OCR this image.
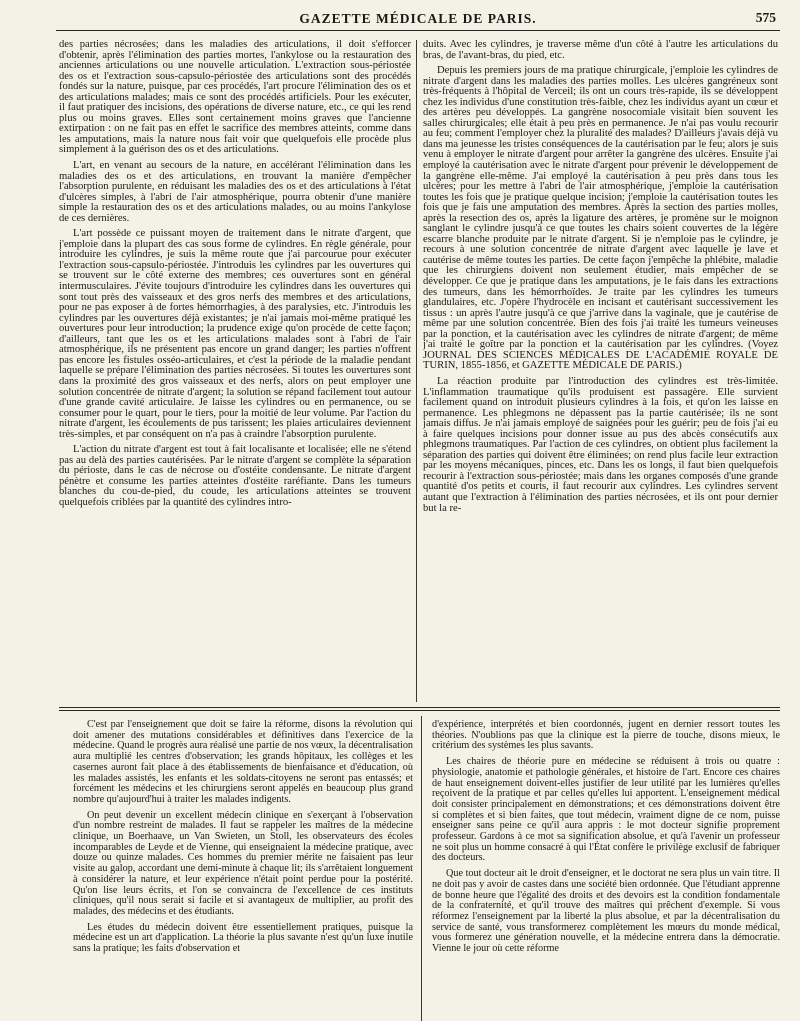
GAZETTE MÉDICALE DE PARIS.	575

des parties nécrosées; dans les maladies des articulations, il doit s'efforcer d'obtenir, après l'élimination des parties mortes, l'ankylose ou la restauration des anciennes articulations ou une nouvelle articulation. L'extraction sous-périostée des os et l'extraction sous-capsulo-périostée des articulations sont des procédés fondés sur la nature, puisque, par ces procédés, l'art procure l'élimination des os et des articulations malades; mais ce sont des procédés artificiels. Pour les exécuter, il faut pratiquer des incisions, des opérations de diverse nature, etc., ce qui les rend plus ou moins graves. Elles sont certainement moins graves que l'ancienne extirpation : on ne fait pas en effet le sacrifice des membres atteints, comme dans les amputations, mais la nature nous fait voir que quelquefois elle procède plus simplement à la guérison des os et des articulations.

L'art, en venant au secours de la nature, en accélérant l'élimination dans les maladies des os et des articulations, en trouvant la manière d'empêcher l'absorption purulente, en réduisant les maladies des os et des articulations à l'état d'ulcères simples, à l'abri de l'air atmosphérique, pourra obtenir d'une manière simple la restauration des os et des articulations malades, ou au moins l'ankylose de ces dernières.

L'art possède ce puissant moyen de traitement dans le nitrate d'argent, que j'emploie dans la plupart des cas sous forme de cylindres. En règle générale, pour introduire les cylindres, je suis la même route que j'ai parcourue pour exécuter l'extraction sous-capsulo-périostée. J'introduis les cylindres par les ouvertures qui se trouvent sur le côté externe des membres; ces ouvertures sont en général intermusculaires. J'évite toujours d'introduire les cylindres dans les ouvertures qui sont tout près des vaisseaux et des gros nerfs des membres et des articulations, pour ne pas exposer à de fortes hémorrhagies, à des paralysies, etc. J'introduis les cylindres par les ouvertures déjà existantes; je n'ai jamais moi-même pratiqué les ouvertures pour leur introduction; la prudence exige qu'on procède de cette façon; d'ailleurs, tant que les os et les articulations malades sont à l'abri de l'air atmosphérique, ils ne présentent pas encore un grand danger; les parties n'offrent pas encore les fistules osséo-articulaires, et c'est la période de la maladie pendant laquelle se prépare l'élimination des parties nécrosées. Si toutes les ouvertures sont dans la proximité des gros vaisseaux et des nerfs, alors on peut employer une solution concentrée de nitrate d'argent; la solution se répand facilement tout autour d'une grande cavité articulaire. Je laisse les cylindres ou en permanence, ou se consumer pour le quart, pour le tiers, pour la moitié de leur volume. Par l'action du nitrate d'argent, les écoulements de pus tarissent; les plaies articulaires deviennent très-simples, et par conséquent on n'a pas à craindre l'absorption purulente.

L'action du nitrate d'argent est tout à fait localisante et localisée; elle ne s'étend pas au delà des parties cautérisées. Par le nitrate d'argent se complète la séparation du périoste, dans le cas de nécrose ou d'ostéite condensante. Le nitrate d'argent pénètre et consume les parties atteintes d'ostéite raréfiante. Dans les tumeurs blanches du cou-de-pied, du coude, les articulations atteintes se trouvent quelquefois criblées par la quantité des cylindres intro-

duits. Avec les cylindres, je traverse même d'un côté à l'autre les articulations du bras, de l'avant-bras, du pied, etc.

Depuis les premiers jours de ma pratique chirurgicale, j'emploie les cylindres de nitrate d'argent dans les maladies des parties molles. Les ulcères gangréneux sont très-fréquents à l'hôpital de Verceil; ils ont un cours très-rapide, ils se développent chez les individus d'une constitution très-faible, chez les individus ayant un cœur et des artères peu développés. La gangrène nosocomiale visitait bien souvent les salles chirurgicales; elle était à peu près en permanence. Je n'ai pas voulu recourir au feu; comment l'employer chez la pluralité des malades? D'ailleurs j'avais déjà vu dans ma jeunesse les tristes conséquences de la cautérisation par le feu; alors je suis venu à employer le nitrate d'argent pour arrêter la gangrène des ulcères. Ensuite j'ai employé la cautérisation avec le nitrate d'argent pour prévenir le développement de la gangrène elle-même. J'ai employé la cautérisation à peu près dans tous les ulcères; pour les mettre à l'abri de l'air atmosphérique, j'emploie la cautérisation toutes les fois que je pratique quelque incision; j'emploie la cautérisation toutes les fois que je fais une amputation des membres. Après la section des parties molles, après la resection des os, après la ligature des artères, je promène sur le moignon sanglant le cylindre jusqu'à ce que toutes les chairs soient couvertes de la légère escarre blanche produite par le nitrate d'argent. Si je n'emploie pas le cylindre, je recours à une solution concentrée de nitrate d'argent avec laquelle je lave et cautérise de même toutes les parties. De cette façon j'empêche la phlébite, maladie que les chirurgiens doivent non seulement étudier, mais empêcher de se développer. Ce que je pratique dans les amputations, je le fais dans les extractions des tumeurs, dans les hémorrhoïdes. Je traite par les cylindres les tumeurs glandulaires, etc. J'opère l'hydrocèle en incisant et cautérisant successivement les tissus : un après l'autre jusqu'à ce que j'arrive dans la vaginale, que je cautérise de même par une solution concentrée. Bien des fois j'ai traité les tumeurs veineuses par la ponction, et la cautérisation avec les cylindres de nitrate d'argent; de même j'ai traité le goître par la ponction et la cautérisation par les cylindres. (Voyez JOURNAL DES SCIENCES MÉDICALES DE L'ACADÉMIE ROYALE DE TURIN, 1855-1856, et GAZETTE MÉDICALE DE PARIS.)

La réaction produite par l'introduction des cylindres est très-limitée. L'inflammation traumatique qu'ils produisent est passagère. Elle survient facilement quand on introduit plusieurs cylindres à la fois, et qu'on les laisse en permanence. Les phlegmons ne dépassent pas la partie cautérisée; ils ne sont jamais diffus. Je n'ai jamais employé de saignées pour les guérir; peu de fois j'ai eu à faire quelques incisions pour donner issue au pus des abcès consécutifs aux phlegmons traumatiques. Par l'action de ces cylindres, on obtient plus facilement la séparation des parties qui doivent être éliminées; on rend plus facile leur extraction par les moyens mécaniques, pinces, etc. Dans les os longs, il faut bien quelquefois recourir à l'extraction sous-périostée; mais dans les organes composés d'une grande quantité d'os petits et courts, il faut recourir aux cylindres. Les cylindres servent autant que l'extraction à l'élimination des parties nécrosées, et ils ont pour dernier but la re-

C'est par l'enseignement que doit se faire la réforme, disons la révolution qui doit amener des mutations considérables et définitives dans l'exercice de la médecine. Quand le progrès aura réalisé une partie de nos vœux, la décentralisation aura multiplié les centres d'observation; les grands hôpitaux, les collèges et les casernes auront fait place à des établissements de bienfaisance et d'éducation, où les malades assistés, les enfants et les soldats-citoyens ne seront pas entassés; et forcément les médecins et les chirurgiens seront appelés en beaucoup plus grand nombre qu'aujourd'hui à traiter les malades indigents.

On peut devenir un excellent médecin clinique en s'exerçant à l'observation d'un nombre restreint de malades. Il faut se rappeler les maîtres de la médecine clinique, un Boerhaave, un Van Swieten, un Stoll, les observateurs des écoles incomparables de Leyde et de Vienne, qui enseignaient la médecine pratique, avec douze ou quinze malades. Ces hommes du premier mérite ne faisaient pas leur visite au galop, accordant une demi-minute à chaque lit; ils s'arrêtaient longuement à considérer la nature, et leur expérience n'était point perdue pour la postérité. Qu'on lise leurs écrits, et l'on se convaincra de l'excellence de ces instituts cliniques, qu'il nous serait si facile et si avantageux de multiplier, au profit des malades, des médecins et des étudiants.

Les études du médecin doivent être essentiellement pratiques, puisque la médecine est un art d'application. La théorie la plus savante n'est qu'un luxe inutile sans la pratique; les faits d'observation et

d'expérience, interprétés et bien coordonnés, jugent en dernier ressort toutes les théories. N'oublions pas que la clinique est la pierre de touche, disons mieux, le critérium des systèmes les plus savants.

Les chaires de théorie pure en médecine se réduisent à trois ou quatre : physiologie, anatomie et pathologie générales, et histoire de l'art. Encore ces chaires de haut enseignement doivent-elles justifier de leur utilité par les lumières qu'elles reçoivent de la pratique et par celles qu'elles lui apportent. L'enseignement médical doit consister principalement en démonstrations; et ces démonstrations doivent être si complètes et si bien faites, que tout médecin, vraiment digne de ce nom, puisse enseigner sans peine ce qu'il aura appris : le mot docteur signifie proprement professeur. Gardons à ce mot sa signification absolue, et qu'à l'avenir un professeur ne soit plus un homme consacré à qui l'État confère le privilège exclusif de fabriquer des docteurs.

Que tout docteur ait le droit d'enseigner, et le doctorat ne sera plus un vain titre. Il ne doit pas y avoir de castes dans une société bien ordonnée. Que l'étudiant apprenne de bonne heure que l'égalité des droits et des devoirs est la condition fondamentale de la confraternité, et qu'il trouve des maîtres qui prêchent d'exemple. Si vous réformez l'enseignement par la liberté la plus absolue, et par la décentralisation du service de santé, vous transformerez complètement les mœurs du monde médical, vous formerez une génération nouvelle, et la médecine entrera dans la démocratie. Vienne le jour où cette réforme
